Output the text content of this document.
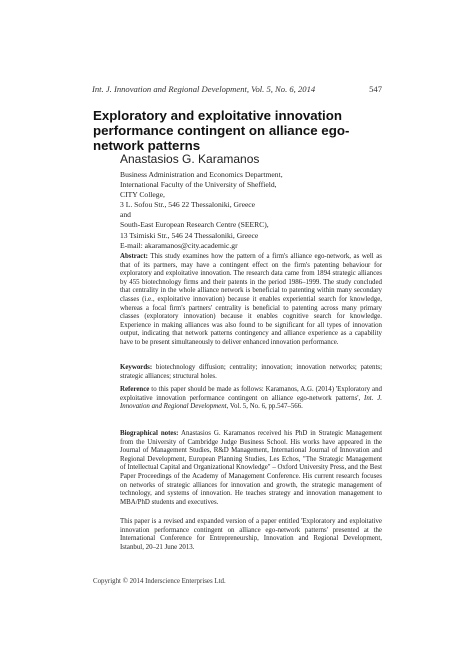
Int. J. Innovation and Regional Development, Vol. 5, No. 6, 2014	547
Exploratory and exploitative innovation performance contingent on alliance ego-network patterns
Anastasios G. Karamanos
Business Administration and Economics Department,
International Faculty of the University of Sheffield,
CITY College,
3 L. Sofou Str., 546 22 Thessaloniki, Greece
and
South-East European Research Centre (SEERC),
13 Tsimiski Str., 546 24 Thessaloniki, Greece
E-mail: akaramanos@city.academic.gr

Abstract: This study examines how the pattern of a firm's alliance ego-network, as well as that of its partners, may have a contingent effect on the firm's patenting behaviour for exploratory and exploitative innovation. The research data came from 1894 strategic alliances by 455 biotechnology firms and their patents in the period 1986–1999. The study concluded that centrality in the whole alliance network is beneficial to patenting within many secondary classes (i.e., exploitative innovation) because it enables experiential search for knowledge, whereas a focal firm's partners' centrality is beneficial to patenting across many primary classes (exploratory innovation) because it enables cognitive search for knowledge. Experience in making alliances was also found to be significant for all types of innovation output, indicating that network patterns contingency and alliance experience as a capability have to be present simultaneously to deliver enhanced innovation performance.

Keywords: biotechnology diffusion; centrality; innovation; innovation networks; patents; strategic alliances; structural holes.

Reference to this paper should be made as follows: Karamanos, A.G. (2014) 'Exploratory and exploitative innovation performance contingent on alliance ego-network patterns', Int. J. Innovation and Regional Development, Vol. 5, No. 6, pp.547–566.

Biographical notes: Anastasios G. Karamanos received his PhD in Strategic Management from the University of Cambridge Judge Business School. His works have appeared in the Journal of Management Studies, R&D Management, International Journal of Innovation and Regional Development, European Planning Studies, Les Echos, "The Strategic Management of Intellectual Capital and Organizational Knowledge" – Oxford University Press, and the Best Paper Proceedings of the Academy of Management Conference. His current research focuses on networks of strategic alliances for innovation and growth, the strategic management of technology, and systems of innovation. He teaches strategy and innovation management to MBA/PhD students and executives.

This paper is a revised and expanded version of a paper entitled 'Exploratory and exploitative innovation performance contingent on alliance ego-network patterns' presented at the International Conference for Entrepreneurship, Innovation and Regional Development, Istanbul, 20–21 June 2013.

Copyright © 2014 Inderscience Enterprises Ltd.
